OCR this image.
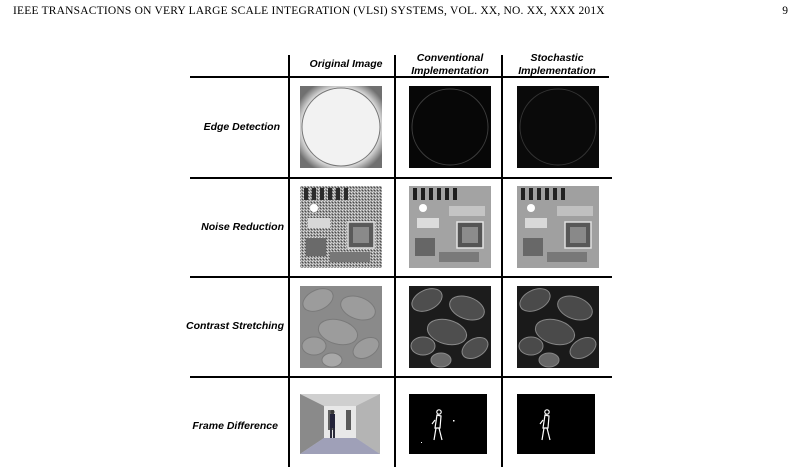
IEEE TRANSACTIONS ON VERY LARGE SCALE INTEGRATION (VLSI) SYSTEMS, VOL. XX, NO. XX, XXX 201X	9
Original Image	Conventional Implementation
Stochastic Implementation
Edge Detection
Noise Reduction
Contrast Stretching
Frame Difference
